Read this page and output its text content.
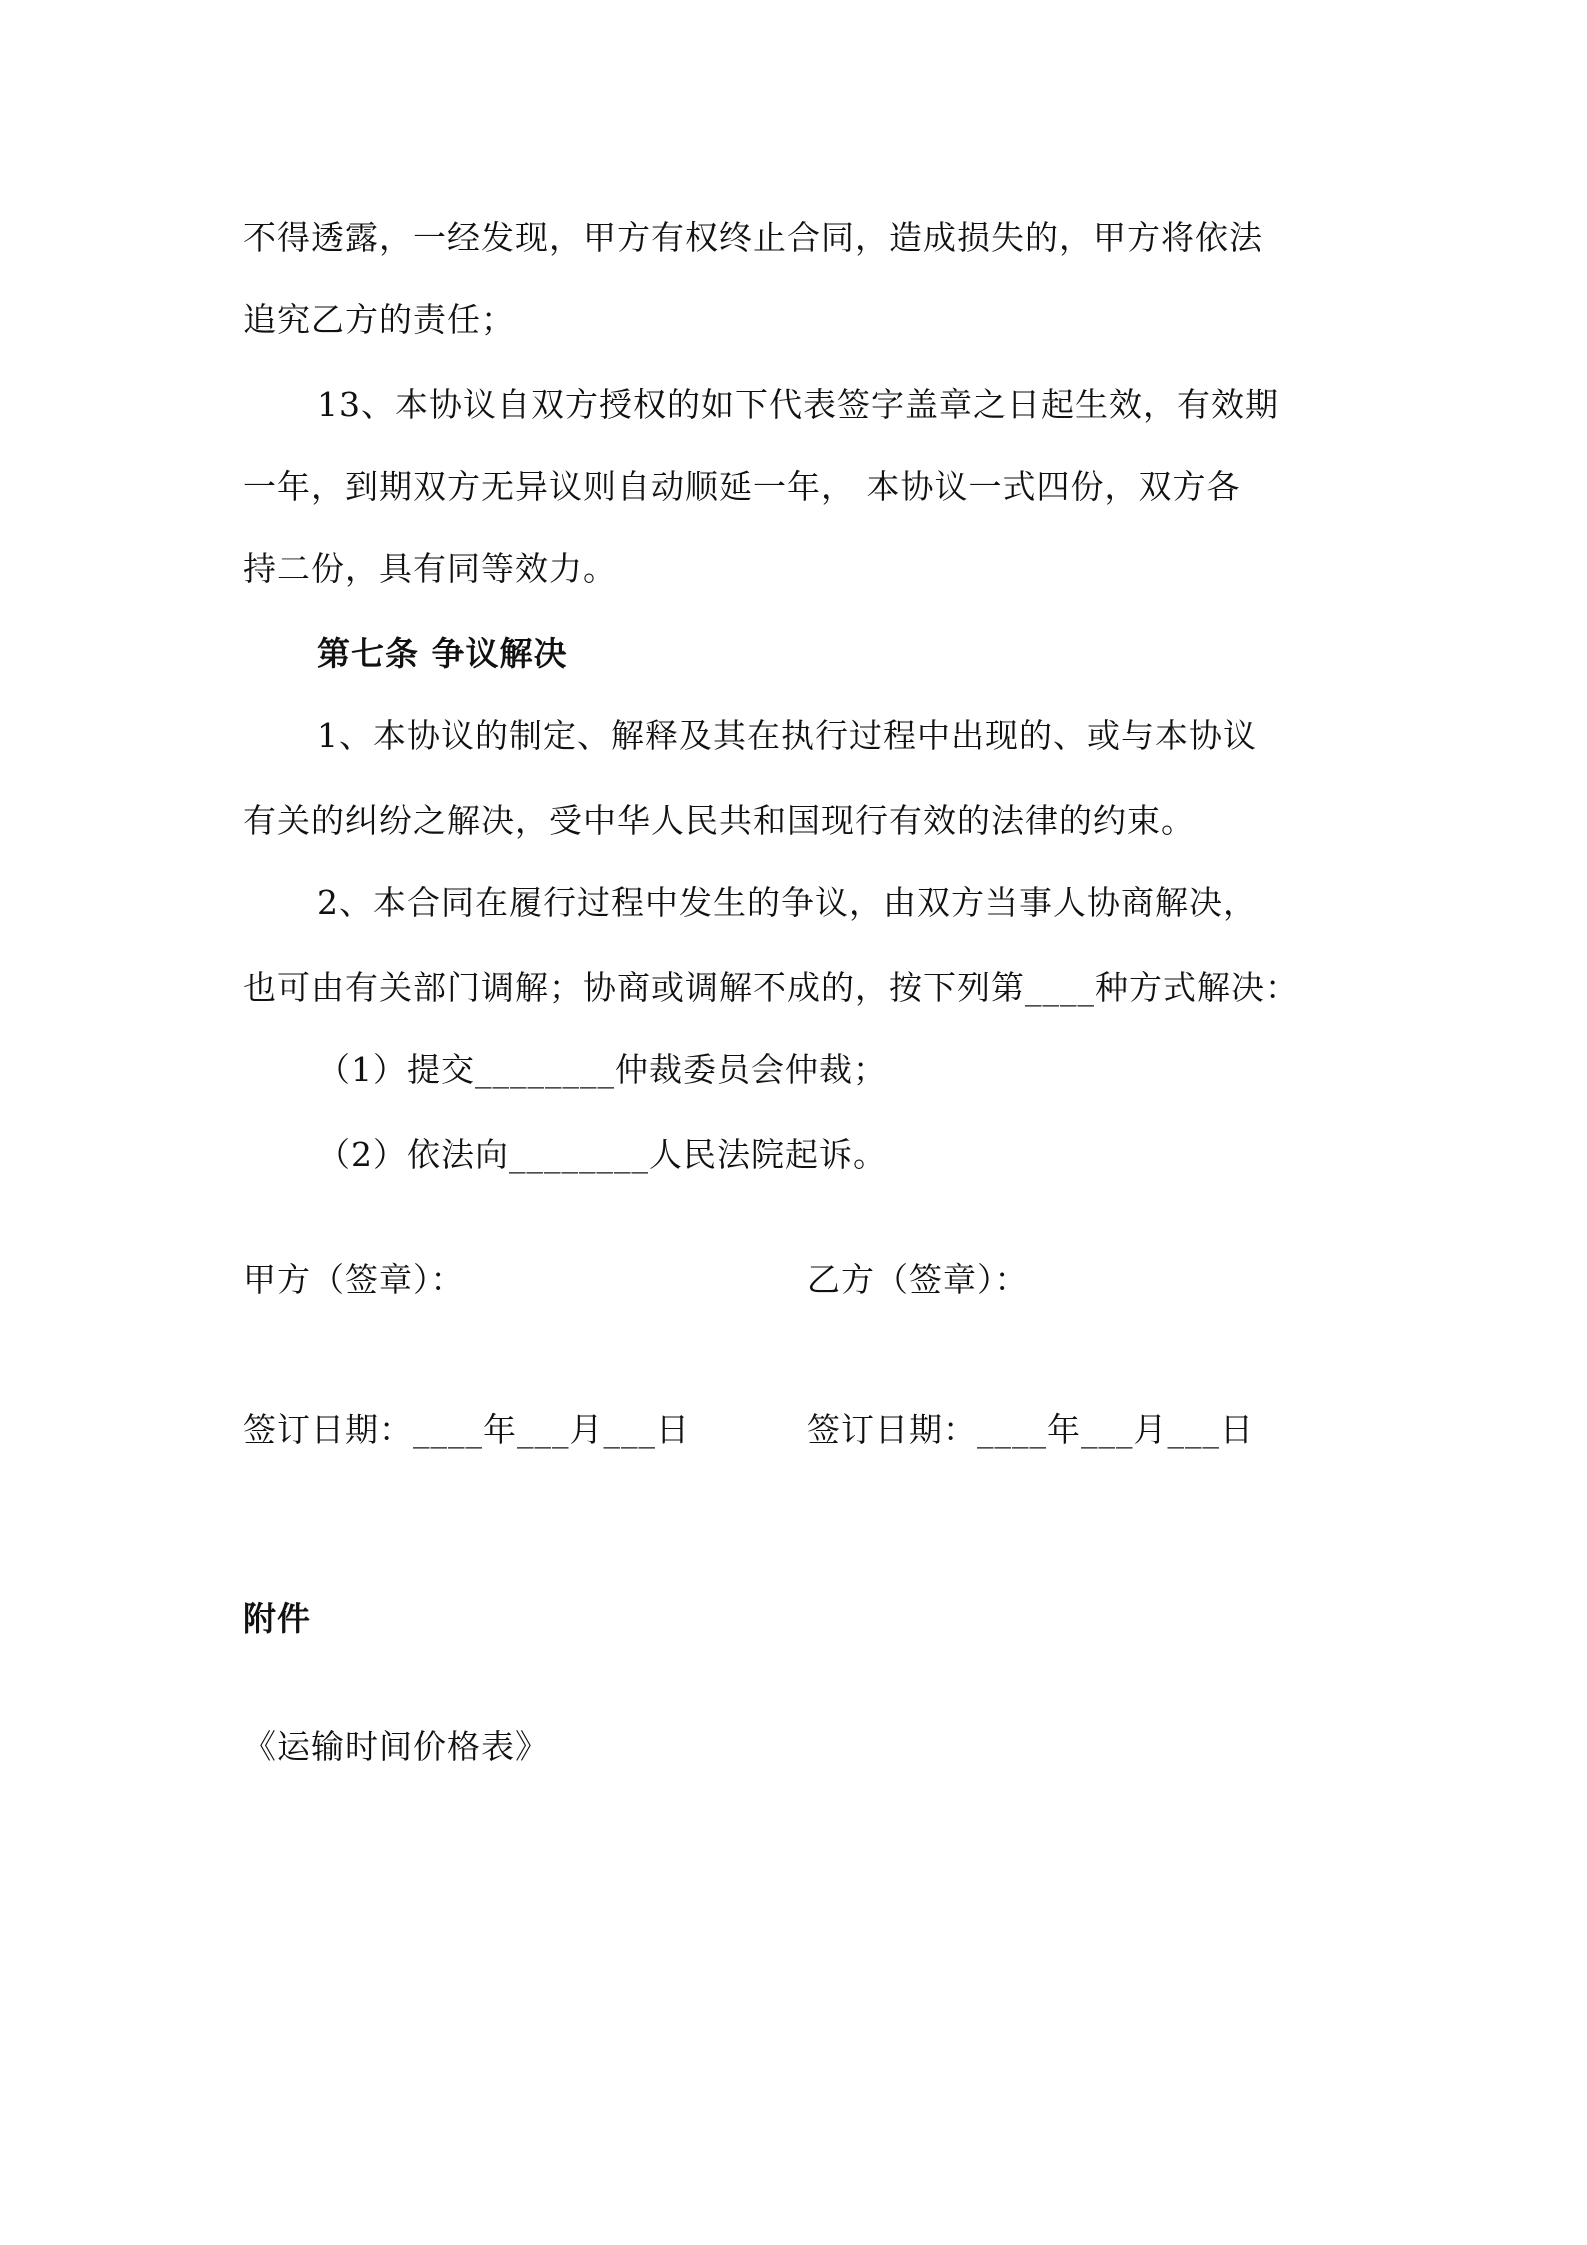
不得透露，一经发现，甲方有权终止合同，造成损失的，甲方将依法
追究乙方的责任；
13、本协议自双方授权的如下代表签字盖章之日起生效，有效期
一年，到期双方无异议则自动顺延一年， 本协议一式四份，双方各
持二份，具有同等效力。
第七条 争议解决
1、本协议的制定、解释及其在执行过程中出现的、或与本协议
有关的纠纷之解决，受中华人民共和国现行有效的法律的约束。
2、本合同在履行过程中发生的争议，由双方当事人协商解决，
也可由有关部门调解；协商或调解不成的，按下列第____种方式解决：
（1）提交________仲裁委员会仲裁；
（2）依法向________人民法院起诉。
甲方（签章）：	乙方（签章）：
签订日期：____年___月___日	签订日期：____年___月___日
附件
《运输时间价格表》
